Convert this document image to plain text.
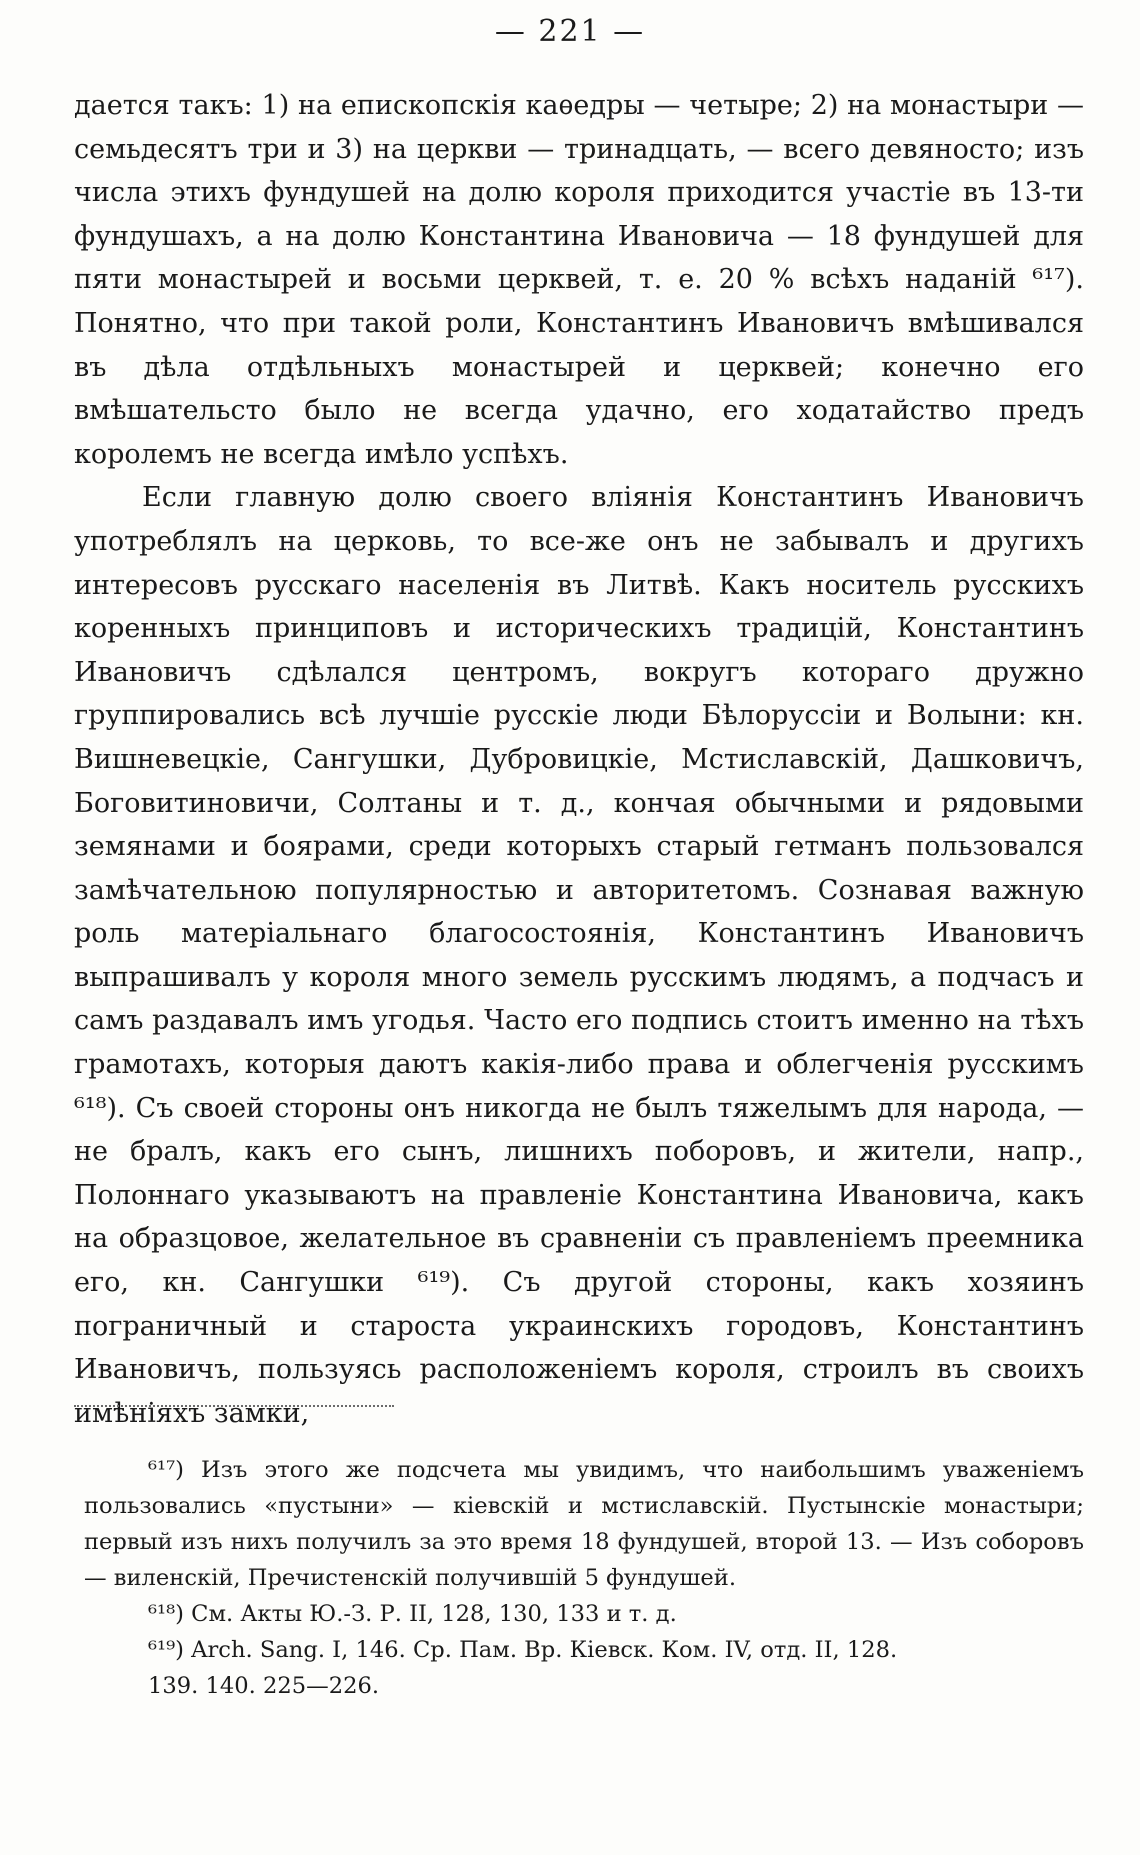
— 221 —

дается такъ: 1) на епископскія каѳедры — четыре; 2) на монастыри — семьдесятъ три и 3) на церкви — тринадцать, — всего девяносто; изъ числа этихъ фундушей на долю короля приходится участіе въ 13-ти фундушахъ, а на долю Константина Ивановича — 18 фундушей для пяти монастырей и восьми церквей, т. е. 20 % всѣхъ наданій ⁶¹⁷). Понятно, что при такой роли, Константинъ Ивановичъ вмѣшивался въ дѣла отдѣльныхъ монастырей и церквей; конечно его вмѣшательсто было не всегда удачно, его ходатайство предъ королемъ не всегда имѣло успѣхъ.

Если главную долю своего вліянія Константинъ Ивановичъ употреблялъ на церковь, то все-же онъ не забывалъ и другихъ интересовъ русскаго населенія въ Литвѣ. Какъ носитель русскихъ коренныхъ принциповъ и историческихъ традицій, Константинъ Ивановичъ сдѣлался центромъ, вокругъ котораго дружно группировались всѣ лучшіе русскіе люди Бѣлоруссіи и Волыни: кн. Вишневецкіе, Сангушки, Дубровицкіе, Мстиславскій, Дашковичъ, Боговитиновичи, Солтаны и т. д., кончая обычными и рядовыми земянами и боярами, среди которыхъ старый гетманъ пользовался замѣчательною популярностью и авторитетомъ. Сознавая важную роль матеріальнаго благосостоянія, Константинъ Ивановичъ выпрашивалъ у короля много земель русскимъ людямъ, а подчасъ и самъ раздавалъ имъ угодья. Часто его подпись стоитъ именно на тѣхъ грамотахъ, которыя даютъ какія-либо права и облегченія русскимъ ⁶¹⁸). Съ своей стороны онъ никогда не былъ тяжелымъ для народа, — не бралъ, какъ его сынъ, лишнихъ поборовъ, и жители, напр., Полоннаго указываютъ на правленіе Константина Ивановича, какъ на образцовое, желательное въ сравненіи съ правленіемъ преемника его, кн. Сангушки ⁶¹⁹). Съ другой стороны, какъ хозяинъ пограничный и староста украинскихъ городовъ, Константинъ Ивановичъ, пользуясь расположеніемъ короля, строилъ въ своихъ имѣніяхъ замки,

⁶¹⁷) Изъ этого же подсчета мы увидимъ, что наибольшимъ уваженіемъ пользовались «пустыни» — кіевскій и мстиславскій. Пустынскіе монастыри; первый изъ нихъ получилъ за это время 18 фундушей, второй 13. — Изъ соборовъ — виленскій, Пречистенскій получившій 5 фундушей.

⁶¹⁸) См. Акты Ю.-З. Р. II, 128, 130, 133 и т. д.

⁶¹⁹) Arch. Sang. I, 146. Ср. Пам. Вр. Кіевск. Ком. IV, отд. II, 128.

139. 140. 225—226.
